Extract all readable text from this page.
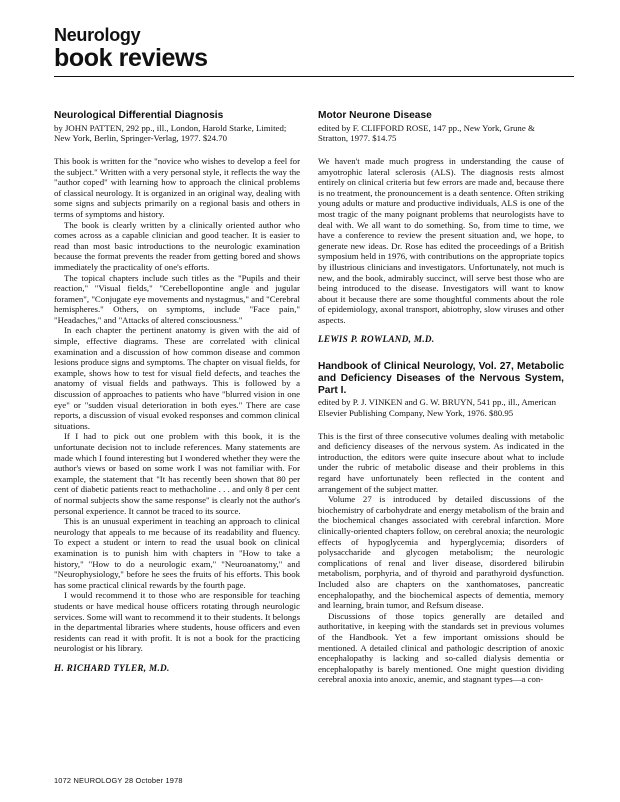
Neurology
book reviews
Neurological Differential Diagnosis
by JOHN PATTEN, 292 pp., ill., London, Harold Starke, Limited; New York, Berlin, Springer-Verlag, 1977. $24.70
This book is written for the "novice who wishes to develop a feel for the subject." Written with a very personal style, it reflects the way the "author coped" with learning how to approach the clinical problems of classical neurology. It is organized in an original way, dealing with some signs and subjects primarily on a regional basis and others in terms of symptoms and history.
The book is clearly written by a clinically oriented author who comes across as a capable clinician and good teacher. It is easier to read than most basic introductions to the neurologic examination because the format prevents the reader from getting bored and shows immediately the practicality of one's efforts.
The topical chapters include such titles as the "Pupils and their reaction," "Visual fields," "Cerebellopontine angle and jugular foramen", "Conjugate eye movements and nystagmus," and "Cerebral hemispheres." Others, on symptoms, include "Face pain," "Headaches," and "Attacks of altered consciousness."
In each chapter the pertinent anatomy is given with the aid of simple, effective diagrams. These are correlated with clinical examination and a discussion of how common disease and common lesions produce signs and symptoms. The chapter on visual fields, for example, shows how to test for visual field defects, and teaches the anatomy of visual fields and pathways. This is followed by a discussion of approaches to patients who have "blurred vision in one eye" or "sudden visual deterioration in both eyes." There are case reports, a discussion of visual evoked responses and common clinical situations.
If I had to pick out one problem with this book, it is the unfortunate decision not to include references. Many statements are made which I found interesting but I wondered whether they were the author's views or based on some work I was not familiar with. For example, the statement that "It has recently been shown that 80 per cent of diabetic patients react to methacholine . . . and only 8 per cent of normal subjects show the same response" is clearly not the author's personal experience. It cannot be traced to its source.
This is an unusual experiment in teaching an approach to clinical neurology that appeals to me because of its readability and fluency. To expect a student or intern to read the usual book on clinical examination is to punish him with chapters in "How to take a history," "How to do a neurologic exam," "Neuroanatomy," and "Neurophysiology," before he sees the fruits of his efforts. This book has some practical clinical rewards by the fourth page.
I would recommend it to those who are responsible for teaching students or have medical house officers rotating through neurologic services. Some will want to recommend it to their students. It belongs in the departmental libraries where students, house officers and even residents can read it with profit. It is not a book for the practicing neurologist or his library.
H. RICHARD TYLER, M.D.
Motor Neurone Disease
edited by F. CLIFFORD ROSE, 147 pp., New York, Grune & Stratton, 1977. $14.75
We haven't made much progress in understanding the cause of amyotrophic lateral sclerosis (ALS). The diagnosis rests almost entirely on clinical criteria but few errors are made and, because there is no treatment, the pronouncement is a death sentence. Often striking young adults or mature and productive individuals, ALS is one of the most tragic of the many poignant problems that neurologists have to deal with. We all want to do something. So, from time to time, we have a conference to review the present situation and, we hope, to generate new ideas. Dr. Rose has edited the proceedings of a British symposium held in 1976, with contributions on the appropriate topics by illustrious clinicians and investigators. Unfortunately, not much is new, and the book, admirably succinct, will serve best those who are being introduced to the disease. Investigators will want to know about it because there are some thoughtful comments about the role of epidemiology, axonal transport, abiotrophy, slow viruses and other aspects.
LEWIS P. ROWLAND, M.D.
Handbook of Clinical Neurology, Vol. 27, Metabolic and Deficiency Diseases of the Nervous System, Part I.
edited by P. J. VINKEN and G. W. BRUYN, 541 pp., ill., American Elsevier Publishing Company, New York, 1976. $80.95
This is the first of three consecutive volumes dealing with metabolic and deficiency diseases of the nervous system. As indicated in the introduction, the editors were quite insecure about what to include under the rubric of metabolic disease and their problems in this regard have unfortunately been reflected in the content and arrangement of the subject matter.
Volume 27 is introduced by detailed discussions of the biochemistry of carbohydrate and energy metabolism of the brain and the biochemical changes associated with cerebral infarction. More clinically-oriented chapters follow, on cerebral anoxia; the neurologic effects of hypoglycemia and hyperglycemia; disorders of polysaccharide and glycogen metabolism; the neurologic complications of renal and liver disease, disordered bilirubin metabolism, porphyria, and of thyroid and parathyroid dysfunction. Included also are chapters on the xanthomatoses, pancreatic encephalopathy, and the biochemical aspects of dementia, memory and learning, brain tumor, and Refsum disease.
Discussions of those topics generally are detailed and authoritative, in keeping with the standards set in previous volumes of the Handbook. Yet a few important omissions should be mentioned. A detailed clinical and pathologic description of anoxic encephalopathy is lacking and so-called dialysis dementia or encephalopathy is barely mentioned. One might question dividing cerebral anoxia into anoxic, anemic, and stagnant types—a con-
1072 NEUROLOGY 28 October 1978
